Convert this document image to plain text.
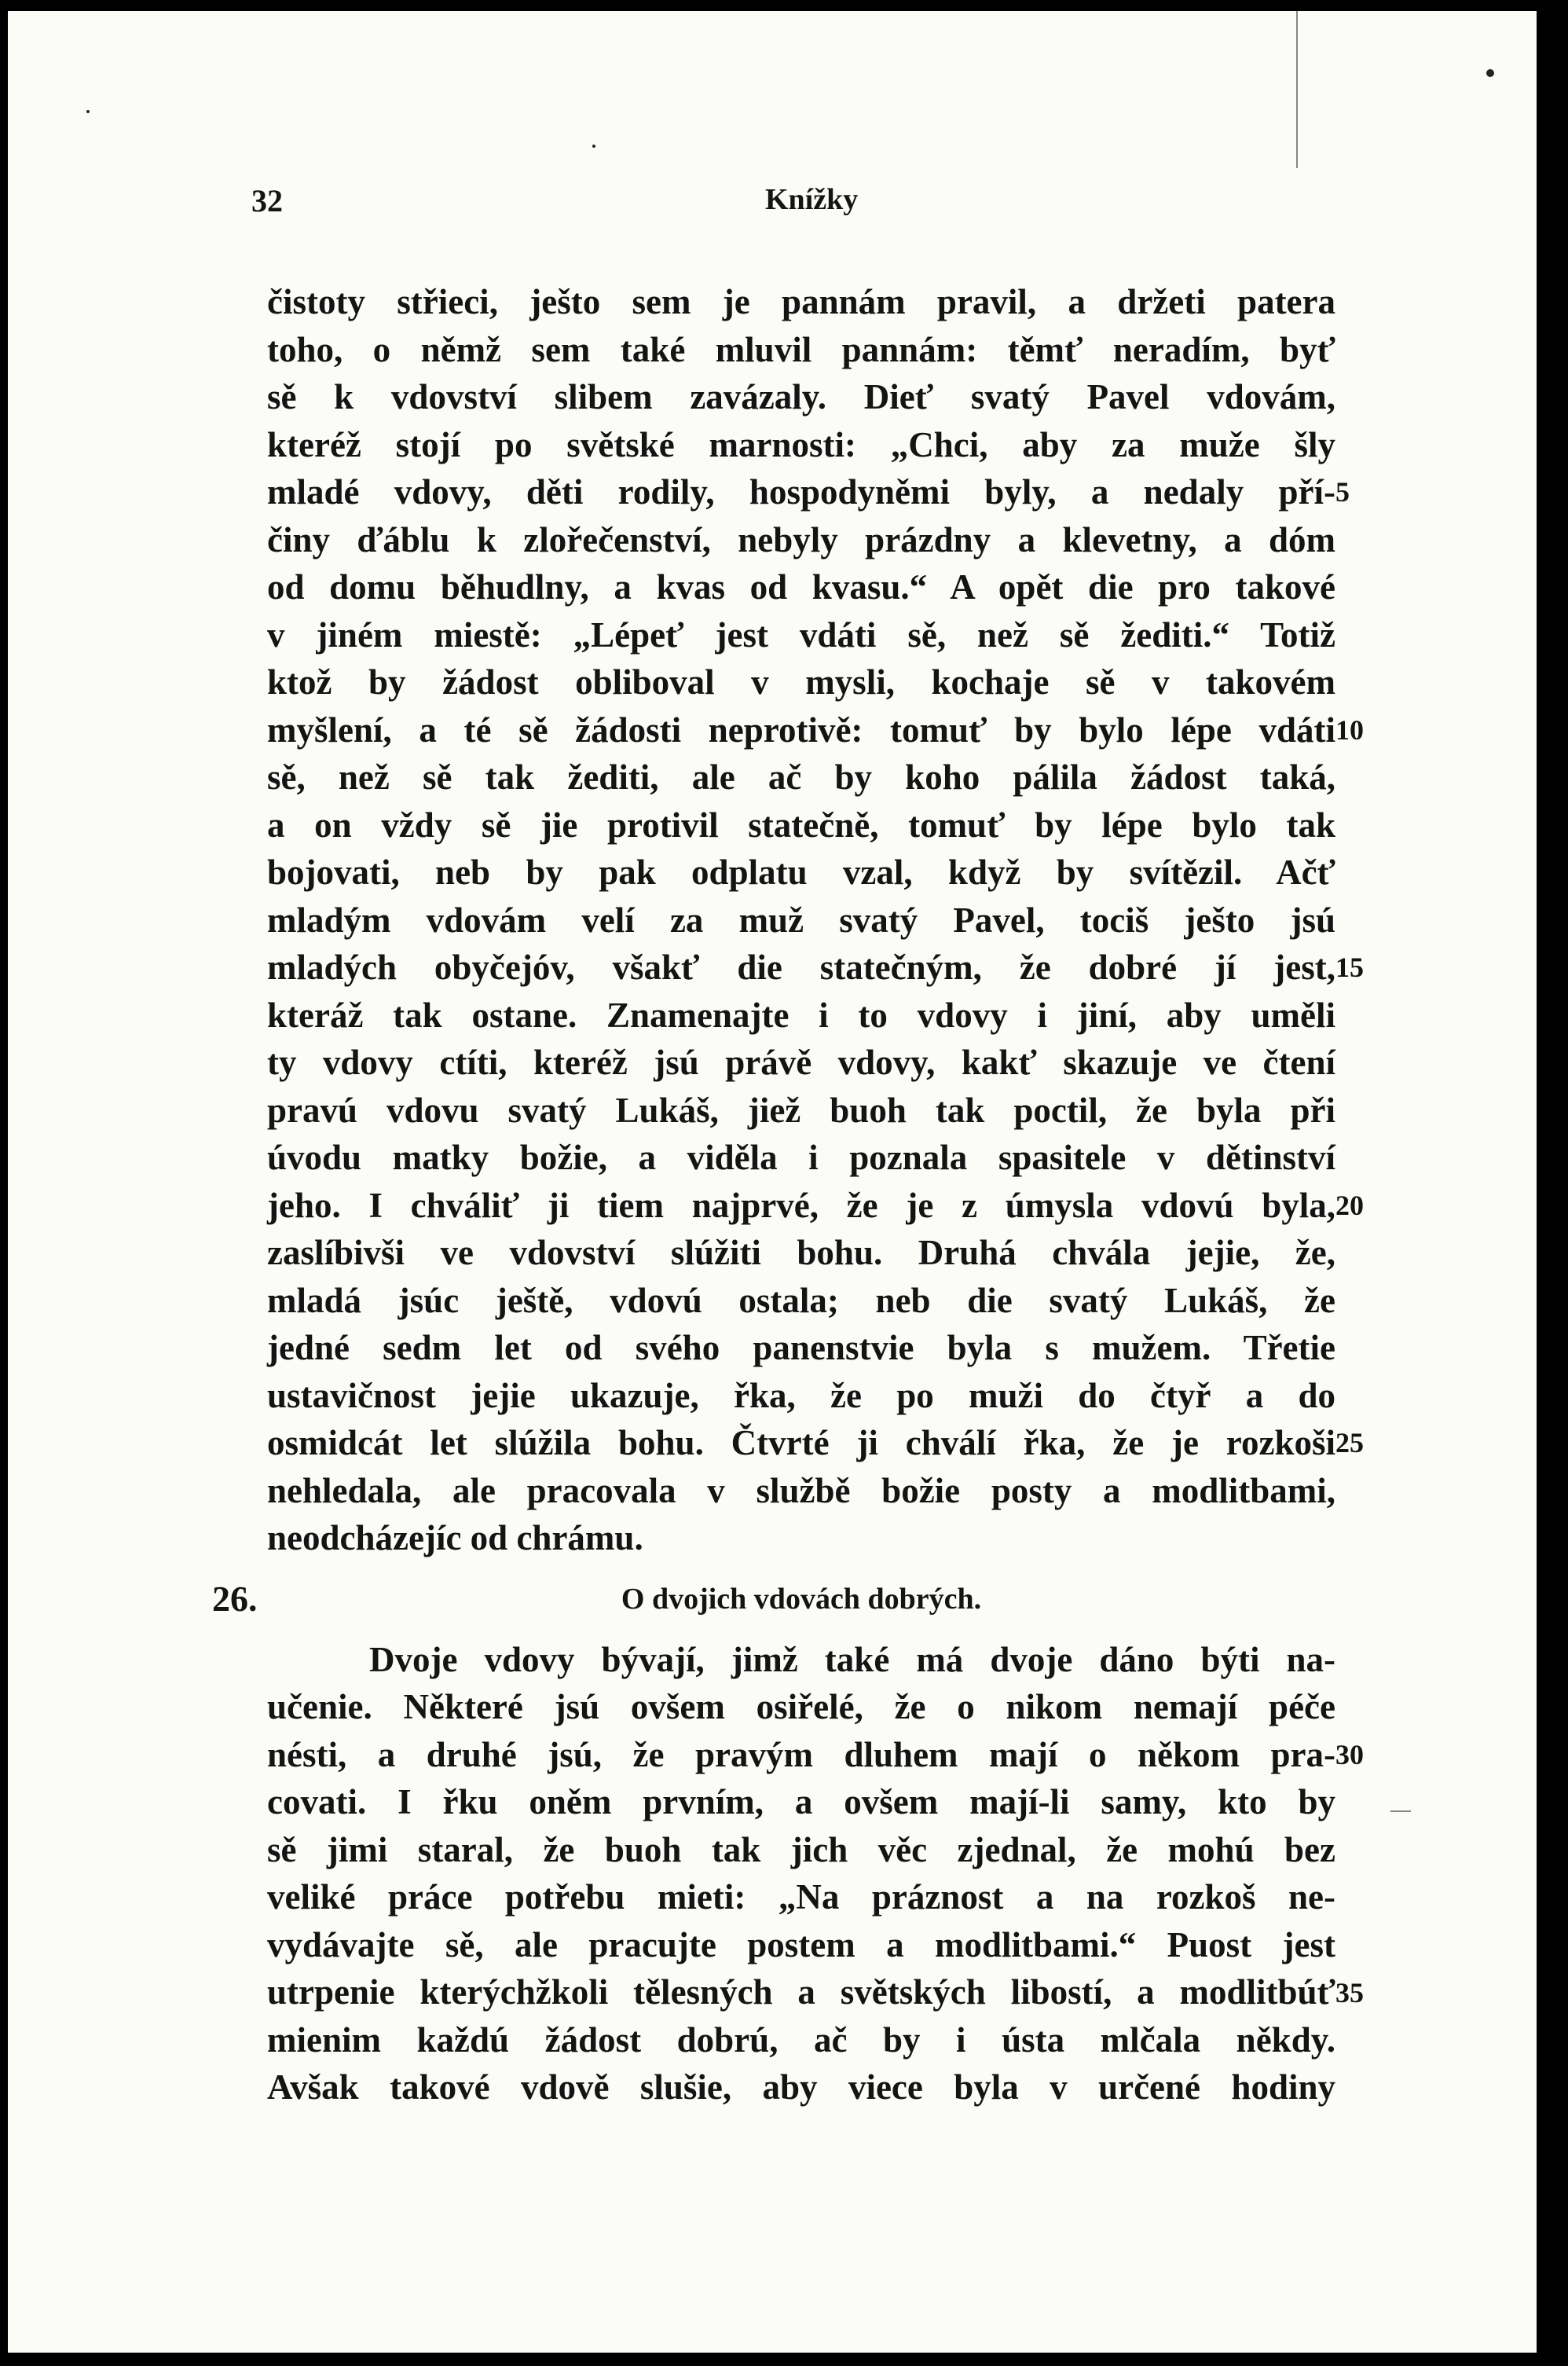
32	Knížky
čistoty střieci, ješto sem je pannám pravil, a držeti patera
toho, o němž sem také mluvil pannám: těmť neradím, byť
sě k vdovství slibem zavázaly. Dieť svatý Pavel vdovám,
kteréž stojí po světské marnosti: „Chci, aby za muže šly
mladé vdovy, děti rodily, hospodyněmi byly, a nedaly pří-
činy ďáblu k zlořečenství, nebyly prázdny a klevetny, a dóm
od domu běhudlny, a kvas od kvasu.“ A opět die pro takové
v jiném miestě: „Lépeť jest vdáti sě, než sě žediti.“ Totiž
ktož by žádost obliboval v mysli, kochaje sě v takovém
myšlení, a té sě žádosti neprotivě: tomuť by bylo lépe vdáti
sě, než sě tak žediti, ale ač by koho pálila žádost taká,
a on vždy sě jie protivil statečně, tomuť by lépe bylo tak
bojovati, neb by pak odplatu vzal, když by svítězil. Ačť
mladým vdovám velí za muž svatý Pavel, tociš ješto jsú
mladých obyčejóv, všakť die statečným, že dobré jí jest,
kteráž tak ostane. Znamenajte i to vdovy i jiní, aby uměli
ty vdovy ctíti, kteréž jsú právě vdovy, kakť skazuje ve čtení
pravú vdovu svatý Lukáš, jiež buoh tak poctil, že byla při
úvodu matky božie, a viděla i poznala spasitele v dětinství
jeho. I chváliť ji tiem najprvé, že je z úmysla vdovú byla,
zaslíbivši ve vdovství slúžiti bohu. Druhá chvála jejie, že,
mladá jsúc ještě, vdovú ostala; neb die svatý Lukáš, že
jedné sedm let od svého panenstvie byla s mužem. Třetie
ustavičnost jejie ukazuje, řka, že po muži do čtyř a do
osmidcát let slúžila bohu. Čtvrté ji chválí řka, že je rozkoši
nehledala, ale pracovala v službě božie posty a modlitbami,
neodcházejíc od chrámu.
26.	O dvojich vdovách dobrých.
Dvoje vdovy bývají, jimž také má dvoje dáno býti na-
učenie. Některé jsú ovšem osiřelé, že o nikom nemají péče
nésti, a druhé jsú, že pravým dluhem mají o někom pra-
covati. I řku oněm prvním, a ovšem mají-li samy, kto by
sě jimi staral, že buoh tak jich věc zjednal, že mohú bez
veliké práce potřebu mieti: „Na práznost a na rozkoš ne-
vydávajte sě, ale pracujte postem a modlitbami.“ Puost jest
utrpenie kterýchžkoli tělesných a světských libostí, a modlitbúť
mienim každú žádost dobrú, ač by i ústa mlčala někdy.
Avšak takové vdově slušie, aby viece byla v určené hodiny
5
10
15
20
25
30
35
